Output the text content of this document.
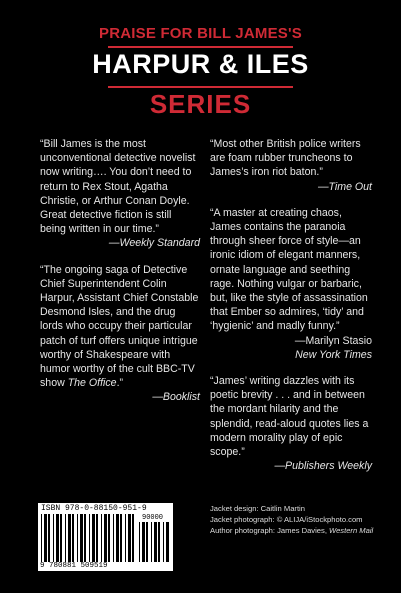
PRAISE FOR BILL JAMES'S
HARPUR & ILES
SERIES

“Bill James is the most unconventional detective novelist now writing…. You don’t need to return to Rex Stout, Agatha Christie, or Arthur Conan Doyle. Great detective fiction is still being written in our time.”

—Weekly Standard

“The ongoing saga of Detective Chief Superintendent Colin Harpur, Assistant Chief Constable Desmond Isles, and the drug lords who occupy their particular patch of turf offers unique intrigue worthy of Shakespeare with humor worthy of the cult BBC-TV show The Office.”

—Booklist

“Most other British police writers are foam rubber truncheons to James’s iron riot baton.”

—Time Out

“A master at creating chaos, James contains the paranoia through sheer force of style—an ironic idiom of elegant manners, ornate language and seething rage. Nothing vulgar or barbaric, but, like the style of assassination that Ember so admires, ‘tidy’ and ‘hygienic’ and madly funny.”

—Marilyn Stasio

New York Times

“James’ writing dazzles with its poetic brevity . . . and in between the mordant hilarity and the splendid, read-aloud quotes lies a modern morality play of epic scope.”

—Publishers Weekly

ISBN 978-0-88150-951-9
90000
9 780881 509519
Jacket design: Caitlin Martin
Jacket photograph: © ALIJA/iStockphoto.com
Author photograph: James Davies, Western Mail
